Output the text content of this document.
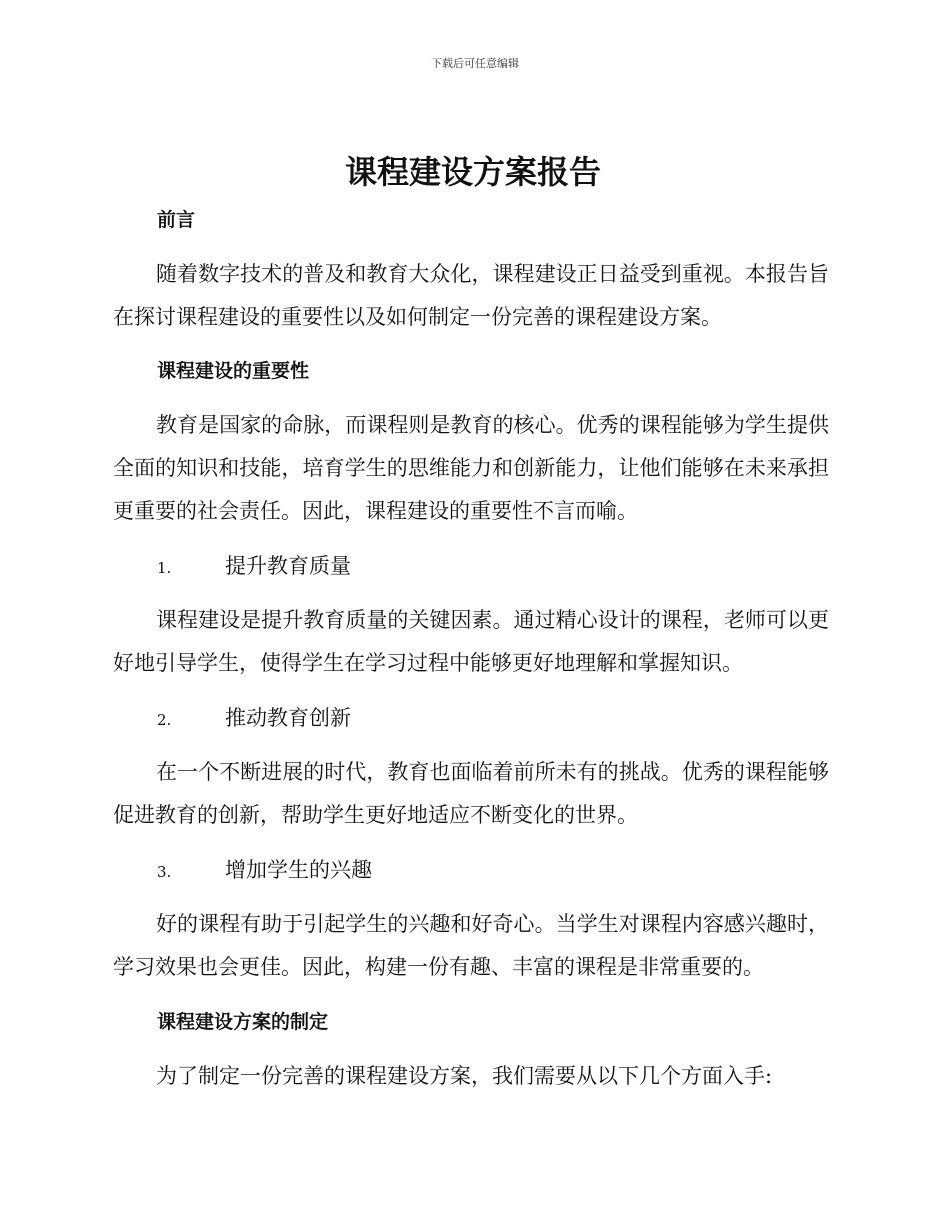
下载后可任意编辑
课程建设方案报告
前言

随着数字技术的普及和教育大众化，课程建设正日益受到重视。本报告旨在探讨课程建设的重要性以及如何制定一份完善的课程建设方案。

课程建设的重要性

教育是国家的命脉，而课程则是教育的核心。优秀的课程能够为学生提供全面的知识和技能，培育学生的思维能力和创新能力，让他们能够在未来承担更重要的社会责任。因此，课程建设的重要性不言而喻。

1.	提升教育质量

课程建设是提升教育质量的关键因素。通过精心设计的课程，老师可以更好地引导学生，使得学生在学习过程中能够更好地理解和掌握知识。

2.	推动教育创新

在一个不断进展的时代，教育也面临着前所未有的挑战。优秀的课程能够促进教育的创新，帮助学生更好地适应不断变化的世界。

3.	增加学生的兴趣

好的课程有助于引起学生的兴趣和好奇心。当学生对课程内容感兴趣时，学习效果也会更佳。因此，构建一份有趣、丰富的课程是非常重要的。

课程建设方案的制定

为了制定一份完善的课程建设方案，我们需要从以下几个方面入手:
